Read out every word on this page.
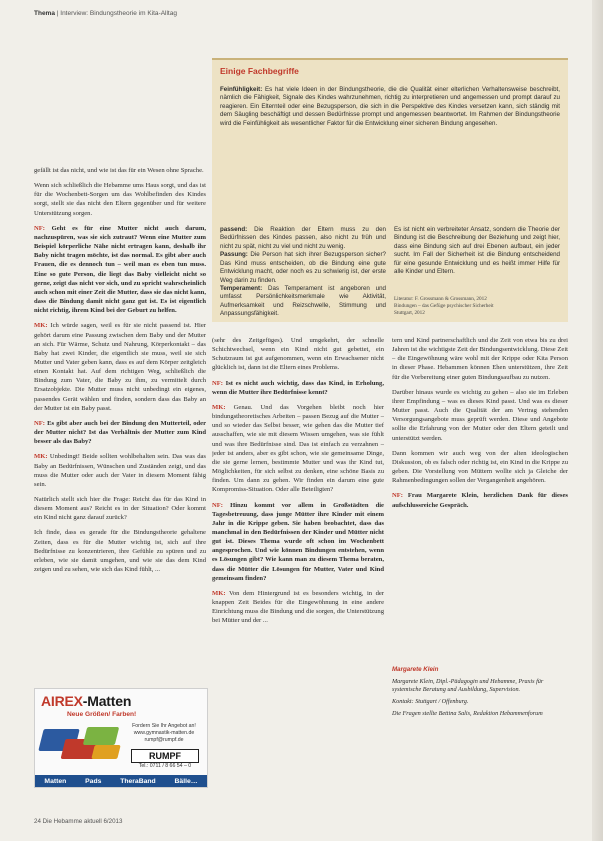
Thema | Interview: Bindungstheorie im Kita-Alltag
Einige Fachbegriffe
Feinfühligkeit: Es hat viele Ideen in der Bindungstheorie, die die Qualität einer elterlichen Verhaltensweise beschreibt, nämlich die Fähigkeit, Signale des Kindes wahrzunehmen, richtig zu interpretieren und angemessen und prompt darauf zu reagieren. Ein Elternteil oder eine Bezugsperson, die sich in die Perspektive des Kindes versetzen kann, sich ständig mit dem Säugling beschäftigt und dessen Bedürfnisse prompt und angemessen beantwortet. Im Rahmen der Bindungstheorie wird die Feinfühligkeit als wesentlicher Faktor für die Entwicklung einer sicheren Bindung angesehen.
passend: Die Reaktion der Eltern muss zu den Bedürfnissen des Kindes passen, also nicht zu früh und nicht zu spät, nicht zu viel und nicht zu wenig.
Passung: Die Person hat sich ihrer Bezugsperson sicher? Das Kind muss entscheiden, ob die Bindung eine gute Entwicklung macht, oder noch es zu schwierig ist, der erste Weg darin zu finden.
Temperament: Das Temperament ist angeboren und umfasst Persönlichkeitsmerkmale wie Aktivität, Aufmerksamkeit und Reizschwelle, Stimmung und Anpassungsfähigkeit.
Es ist nicht ein verbreiteter Ansatz, sondern die Theorie der Bindung ist die Beschreibung der Beziehung und zeigt hier, dass eine Bindung sich auf drei Ebenen aufbaut, ein jeder sucht. Im Fall der Sicherheit ist die Bindung entscheidend für eine gesunde Entwicklung und es heißt immer Hilfe für alle Kinder und Eltern.
Literatur: F. Grossmann & Grossmann, 2012
Bindungen – das Gefüge psychischer Sicherheit
Stuttgart, 2012

gefällt ist das nicht, und wie ist das für ein Wesen ohne Sprache.

Wenn sich schließlich die Hebamme ums Haus sorgt, und das ist für die Wochenbett-Sorgen um das Wohlbefinden des Kindes sorgt, stellt sie das nicht den Eltern gegenüber und für weitere Unterstützung sorgen.

NF: Geht es für eine Mutter nicht auch darum, nachzuspüren, was sie sich zutraut? Wenn eine Mutter zum Beispiel körperliche Nähe nicht ertragen kann, deshalb ihr Baby nicht tragen möchte, ist das normal. Es gibt aber auch Frauen, die es dennoch tun – weil man es eben tun muss. Eine so gute Person, die liegt das Baby vielleicht nicht so gerne, zeigt das nicht vor sich, und zu spricht wahrscheinlich auch schon mit einer Zeit die Mutter, dass sie das nicht kann, dass die Bindung damit nicht ganz gut ist. Es ist eigentlich nicht richtig, ihrem Kind bei der Geburt zu helfen.

MK: Ich würde sagen, weil es für sie nicht passend ist. Hier gehört darum eine Passung zwischen dem Baby und der Mutter an sich. Für Wärme, Schutz und Nahrung, Körperkontakt – das Baby hat zwei Kinder, die eigentlich sie muss, weil sie sich Mutter und Vater geben kann, dass es auf dem Körper zeitgleich einen Kontakt hat. Auf dem richtigen Weg, schließlich die Bindung zum Vater, die Baby zu ihm, zu vermittelt durch Ersatzobjekte. Die Mutter muss nicht unbedingt ein eigenes, passendes Gerät wählen und finden, sondern dass das Baby an der Mutter ist ein Baby passt.

NF: Es gibt aber auch bei der Bindung den Mutterteil, oder der Mutter nicht? Ist das Verhältnis der Mutter zum Kind besser als das Baby?

MK: Unbedingt! Beide sollten wohlbehalten sein. Das was das Baby an Bedürfnissen, Wünschen und Zuständen zeigt, und das muss die Mutter oder auch der Vater in diesem Moment fähig sein.

Natürlich stellt sich hier die Frage: Reicht das für das Kind in diesem Moment aus? Reicht es in der Situation? Oder kommt ein Kind nicht ganz darauf zurück?

Ich finde, dass es gerade für die Bindungstheorie gehaltene Zeiten, dass es für die Mutter wichtig ist, sich auf ihre Bedürfnisse zu konzentrieren, ihre Gefühle zu spüren und zu erleben, wie sie damit umgehen, und wie sie das dem Kind zeigen und zu sehen, wie sich das Kind fühlt, ...

(sehr des Zeitgefüges). Und umgekehrt, der schnelle Schichtwechsel, wenn ein Kind nicht gut gebettet, ein Schutzraum ist gut aufgenommen, wenn ein Erwachsener nicht glücklich ist, dann ist die Eltern eines Problems.

NF: Ist es nicht auch wichtig, dass das Kind, in Erholung, wenn die Mutter ihre Bedürfnisse kennt?

MK: Genau. Und das Vorgehen bleibt noch hier bindungstheoretisches Arbeiten – passen Bezug auf die Mutter – und so wieder das Selbst besser, wie gehen das die Mutter tief ausschaffen, wie sie mit diesem Wissen umgehen, was sie fühlt und was ihre Bedürfnisse sind. Das ist einfach zu verzahnen – jeder ist anders, aber es gibt schon, wie sie gemeinsame Dinge, die sie gerne lernen, bestimmte Mutter und was ihr Kind tut, Möglichkeiten, für sich selbst zu denken, eine schöne Basis zu finden. Um dann zu gehen. Wir finden ein darum eine gute Kompromiss-Situation. Oder alle Beteiligten?

NF: Hinzu kommt vor allem in Großstädten die Tagesbetreuung, dass junge Mütter ihre Kinder mit einem Jahr in die Krippe geben. Sie haben beobachtet, dass das manchmal in den Bedürfnissen der Kinder und Mütter nicht gut ist. Dieses Thema wurde oft schon im Wochenbett angesprochen. Und wie können Bindungen entstehen, wenn es Lösungen gibt? Wie kann man zu diesem Thema beraten, dass die Mütter die Lösungen für Mutter, Vater und Kind gemeinsam finden?

MK: Von dem Hintergrund ist es besonders wichtig, in der knappen Zeit Beides für die Eingewöhnung in eine andere Einrichtung muss die Bindung und die sorgen, die Unterstützung bei Mütter und der ...

tern und Kind partnerschaftlich und die Zeit von etwa bis zu drei Jahren ist die wichtigste Zeit der Bindungsentwicklung. Diese Zeit – die Eingewöhnung wäre wohl mit der Krippe oder Kita Person in dieser Phase. Hebammen können Ehen unterstützen, ihre Zeit für die Vorbereitung einer guten Bindungsaufbau zu nutzen.

Darüber hinaus wurde es wichtig zu gehen – also sie im Erleben ihrer Empfindung – was es dieses Kind passt. Und was es dieser Mutter passt. Auch die Qualität der am Vertrag stehenden Versorgungsangebote muss geprüft werden. Diese und Angebote sollte die Erfahrung von der Mutter oder den Eltern geteilt und unterstützt werden.

Dann kommen wir auch weg von der alten ideologischen Diskussion, ob es falsch oder richtig ist, ein Kind in die Krippe zu geben. Die Vorstellung von Müttern wollte sich ja Gleiche der Rahmenbedingungen sollen der Vergangenheit angehören.

NF: Frau Margarete Klein, herzlichen Dank für dieses aufschlussreiche Gespräch.

Margarete Klein

Margarete Klein, Dipl.-Pädagogin und Hebamme, Praxis für systemische Beratung und Ausbildung, Supervision.

Kontakt: Stuttgart / Offenburg.

Die Fragen stellte Bettina Salis, Redaktion Hebammenforum

AIREX-Matten
Neue Größen/ Farben!
Fordern Sie Ihr Angebot an! www.gymnastik-matten.de rumpf@rumpf.de
RUMPF
Tel.: 0711 / 8 66 54 – 0
Matten	Pads	TheraBand	Bälle…
24 Die Hebamme aktuell 6/2013
